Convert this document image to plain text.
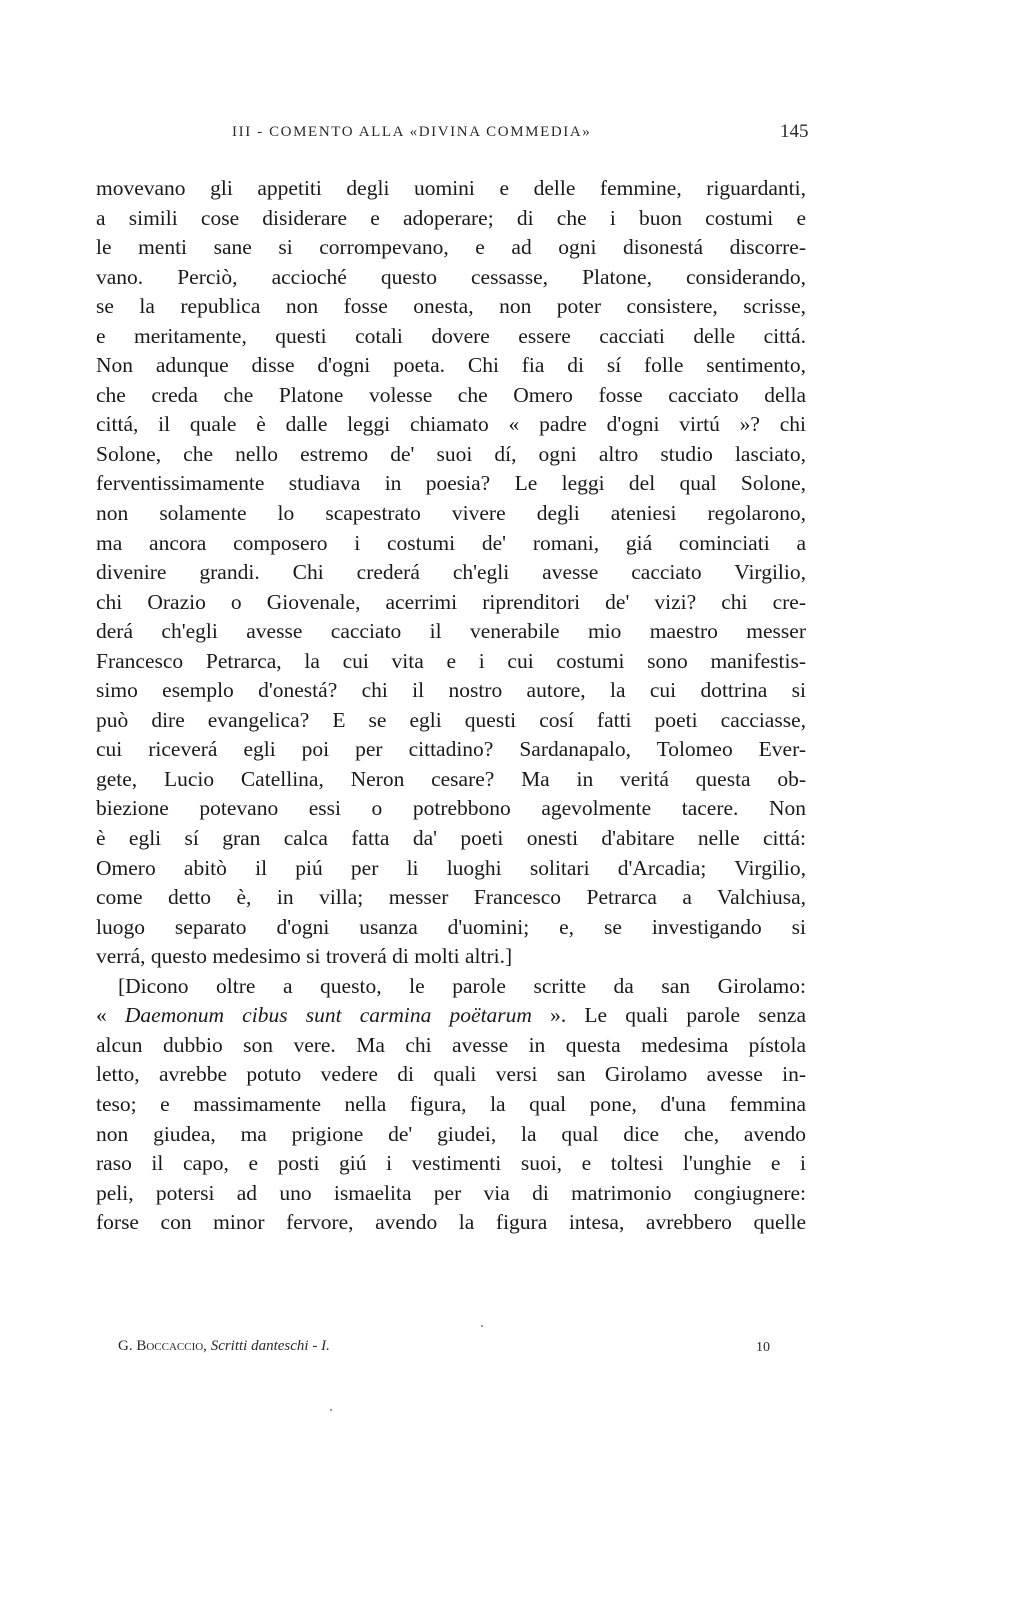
III - COMENTO ALLA «DIVINA COMMEDIA»	145
movevano gli appetiti degli uomini e delle femmine, riguardanti,
a simili cose disiderare e adoperare; di che i buon costumi e
le menti sane si corrompevano, e ad ogni disonestá discorre-
vano. Perciò, accioché questo cessasse, Platone, considerando,
se la republica non fosse onesta, non poter consistere, scrisse,
e meritamente, questi cotali dovere essere cacciati delle cittá.
Non adunque disse d'ogni poeta. Chi fia di sí folle sentimento,
che creda che Platone volesse che Omero fosse cacciato della
cittá, il quale è dalle leggi chiamato « padre d'ogni virtú »? chi
Solone, che nello estremo de' suoi dí, ogni altro studio lasciato,
ferventissimamente studiava in poesia? Le leggi del qual Solone,
non solamente lo scapestrato vivere degli ateniesi regolarono,
ma ancora composero i costumi de' romani, giá cominciati a
divenire grandi. Chi crederá ch'egli avesse cacciato Virgilio,
chi Orazio o Giovenale, acerrimi riprenditori de' vizi? chi cre-
derá ch'egli avesse cacciato il venerabile mio maestro messer
Francesco Petrarca, la cui vita e i cui costumi sono manifestis-
simo esemplo d'onestá? chi il nostro autore, la cui dottrina si
può dire evangelica? E se egli questi cosí fatti poeti cacciasse,
cui riceverá egli poi per cittadino? Sardanapalo, Tolomeo Ever-
gete, Lucio Catellina, Neron cesare? Ma in veritá questa ob-
biezione potevano essi o potrebbono agevolmente tacere. Non
è egli sí gran calca fatta da' poeti onesti d'abitare nelle cittá:
Omero abitò il piú per li luoghi solitari d'Arcadia; Virgilio,
come detto è, in villa; messer Francesco Petrarca a Valchiusa,
luogo separato d'ogni usanza d'uomini; e, se investigando si
verrá, questo medesimo si troverá di molti altri.]
[Dicono oltre a questo, le parole scritte da san Girolamo:
« Daemonum cibus sunt carmina poëtarum ». Le quali parole senza
alcun dubbio son vere. Ma chi avesse in questa medesima pístola
letto, avrebbe potuto vedere di quali versi san Girolamo avesse in-
teso; e massimamente nella figura, la qual pone, d'una femmina
non giudea, ma prigione de' giudei, la qual dice che, avendo
raso il capo, e posti giú i vestimenti suoi, e toltesi l'unghie e i
peli, potersi ad uno ismaelita per via di matrimonio congiugnere:
forse con minor fervore, avendo la figura intesa, avrebbero quelle
G. Boccaccio, Scritti danteschi - I.	10
